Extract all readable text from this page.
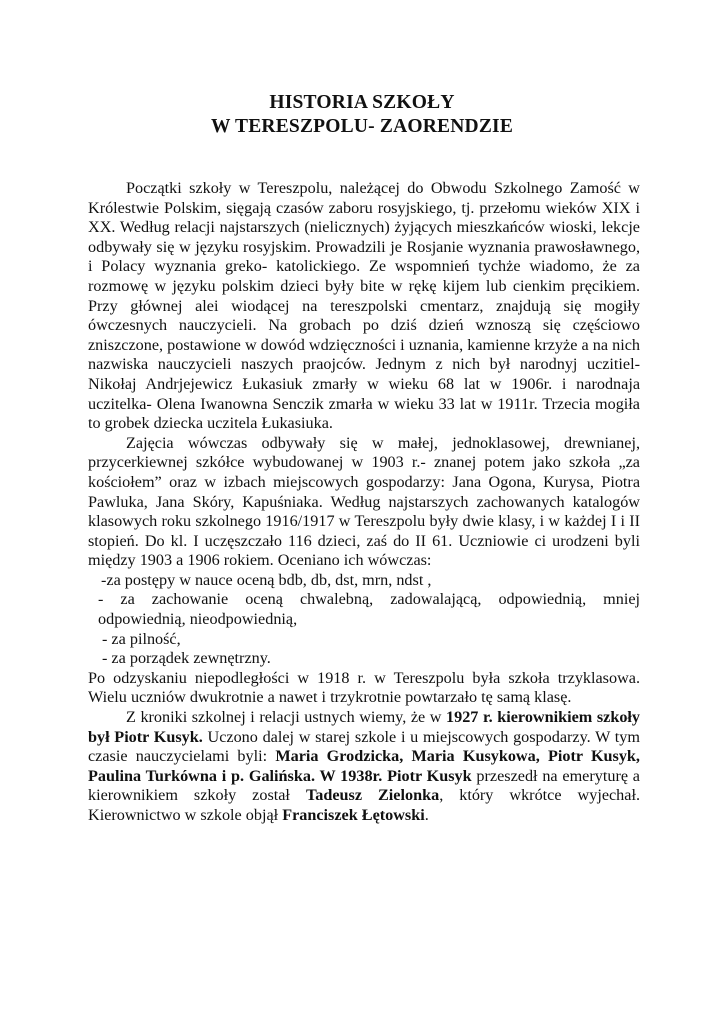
HISTORIA SZKOŁY
W TERESZPOLU- ZAORENDZIE

Początki szkoły w Tereszpolu, należącej do Obwodu Szkolnego Zamość w Królestwie Polskim, sięgają czasów zaboru rosyjskiego, tj. przełomu wieków XIX i XX. Według relacji najstarszych (nielicznych) żyjących mieszkańców wioski, lekcje odbywały się w języku rosyjskim. Prowadzili je Rosjanie wyznania prawosławnego, i Polacy wyznania greko- katolickiego. Ze wspomnień tychże wiadomo, że za rozmowę w języku polskim dzieci były bite w rękę kijem lub cienkim pręcikiem. Przy głównej alei wiodącej na tereszpolski cmentarz, znajdują się mogiły ówczesnych nauczycieli. Na grobach po dziś dzień wznoszą się częściowo zniszczone, postawione w dowód wdzięczności i uznania, kamienne krzyże a na nich nazwiska nauczycieli naszych praojców. Jednym z nich był narodnyj uczitiel- Nikołaj Andrjejewicz Łukasiuk zmarły w wieku 68 lat w 1906r. i narodnaja uczitelka- Olena Iwanowna Senczik zmarła w wieku 33 lat w 1911r. Trzecia mogiła to grobek dziecka uczitela Łukasiuka.

Zajęcia wówczas odbywały się w małej, jednoklasowej, drewnianej, przycerkiewnej szkółce wybudowanej w 1903 r.- znanej potem jako szkoła „za kościołem” oraz w izbach miejscowych gospodarzy: Jana Ogona, Kurysa, Piotra Pawluka, Jana Skóry, Kapuśniaka. Według najstarszych zachowanych katalogów klasowych roku szkolnego 1916/1917 w Tereszpolu były dwie klasy, i w każdej I i II stopień. Do kl. I uczęszczało 116 dzieci, zaś do II 61. Uczniowie ci urodzeni byli między 1903 a 1906 rokiem. Oceniano ich wówczas:

-za postępy w nauce oceną bdb, db, dst, mrn, ndst ,

- za zachowanie oceną chwalebną, zadowalającą, odpowiednią, mniej odpowiednią, nieodpowiednią,

- za pilność,

- za porządek zewnętrzny.

Po odzyskaniu niepodległości w 1918 r. w Tereszpolu była szkoła trzyklasowa. Wielu uczniów dwukrotnie a nawet i trzykrotnie powtarzało tę samą klasę.

Z kroniki szkolnej i relacji ustnych wiemy, że w 1927 r. kierownikiem szkoły był Piotr Kusyk. Uczono dalej w starej szkole i u miejscowych gospodarzy. W tym czasie nauczycielami byli: Maria Grodzicka, Maria Kusykowa, Piotr Kusyk, Paulina Turkówna i p. Galińska. W 1938r. Piotr Kusyk przeszedł na emeryturę a kierownikiem szkoły został Tadeusz Zielonka, który wkrótce wyjechał. Kierownictwo w szkole objął Franciszek Łętowski.
